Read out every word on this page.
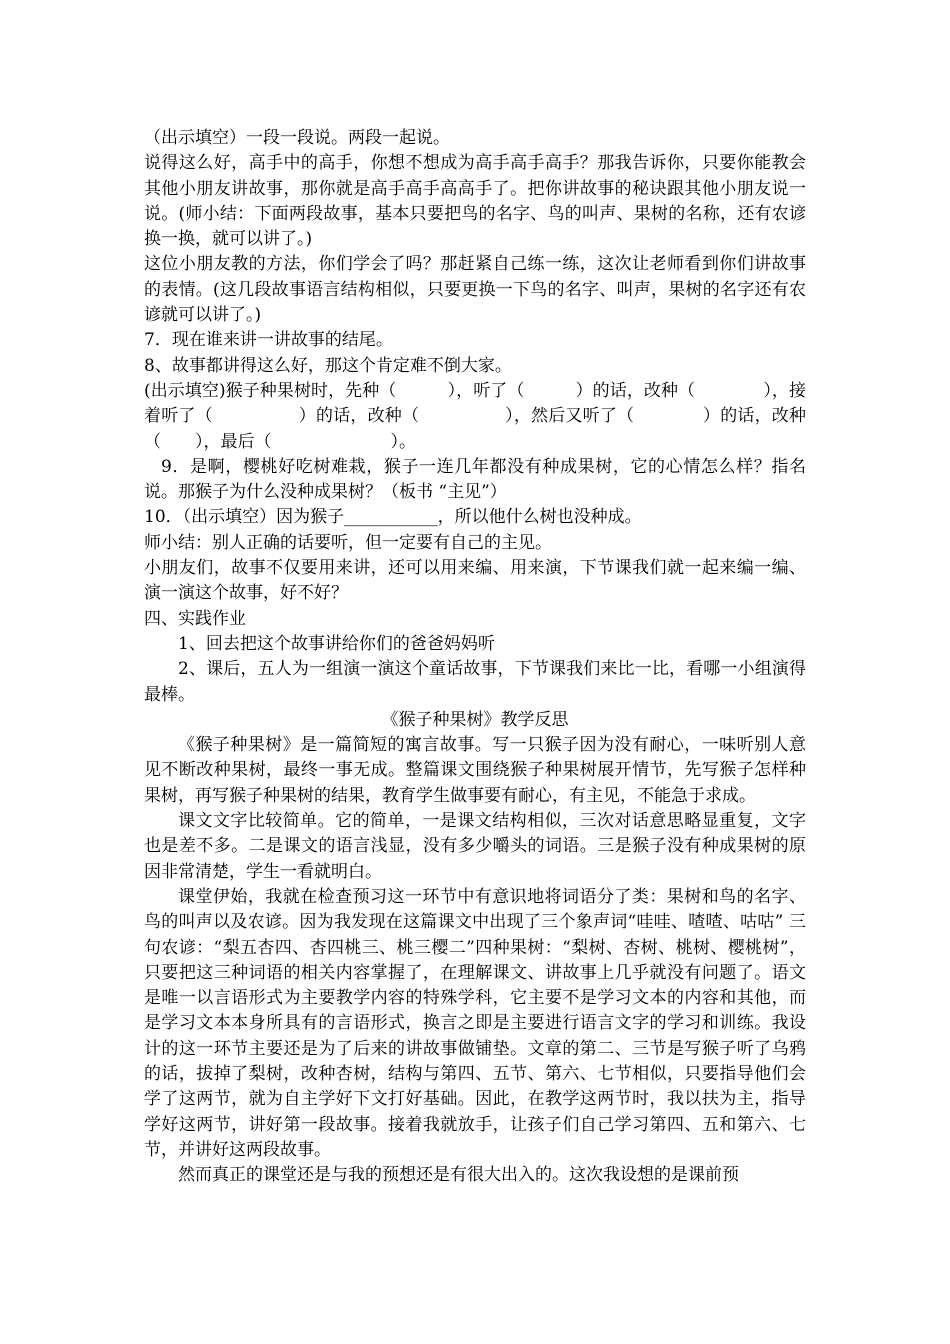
（出示填空）一段一段说。两段一起说。

说得这么好，高手中的高手，你想不想成为高手高手高手？那我告诉你，只要你能教会其他小朋友讲故事，那你就是高手高手高高手了。把你讲故事的秘诀跟其他小朋友说一说。(师小结：下面两段故事，基本只要把鸟的名字、鸟的叫声、果树的名称，还有农谚换一换，就可以讲了。)

这位小朋友教的方法，你们学会了吗？那赶紧自己练一练，这次让老师看到你们讲故事的表情。(这几段故事语言结构相似，只要更换一下鸟的名字、叫声，果树的名字还有农谚就可以讲了。)

7．现在谁来讲一讲故事的结尾。

8、故事都讲得这么好，那这个肯定难不倒大家。

(出示填空)猴子种果树时，先种（　　　），听了（　　　）的话，改种（　　　　），接着听了（　　　　　）的话，改种（　　　　　），然后又听了（　　　　）的话，改种（　　），最后（　　　　　　　）。

9．是啊，樱桃好吃树难栽，猴子一连几年都没有种成果树，它的心情怎么样？指名说。那猴子为什么没种成果树？（板书 “主见”）

10．（出示填空）因为猴子___________，所以他什么树也没种成。

师小结：别人正确的话要听，但一定要有自己的主见。

小朋友们，故事不仅要用来讲，还可以用来编、用来演，下节课我们就一起来编一编、演一演这个故事，好不好？

四、实践作业

1、回去把这个故事讲给你们的爸爸妈妈听

2、课后，五人为一组演一演这个童话故事，下节课我们来比一比，看哪一小组演得最棒。

《猴子种果树》教学反思

《猴子种果树》是一篇简短的寓言故事。写一只猴子因为没有耐心，一味听别人意见不断改种果树，最终一事无成。整篇课文围绕猴子种果树展开情节，先写猴子怎样种果树，再写猴子种果树的结果，教育学生做事要有耐心，有主见，不能急于求成。

课文文字比较简单。它的简单，一是课文结构相似，三次对话意思略显重复，文字也是差不多。二是课文的语言浅显，没有多少嚼头的词语。三是猴子没有种成果树的原因非常清楚，学生一看就明白。

课堂伊始，我就在检查预习这一环节中有意识地将词语分了类：果树和鸟的名字、鸟的叫声以及农谚。因为我发现在这篇课文中出现了三个象声词“哇哇、喳喳、咕咕” 三句农谚：“梨五杏四、杏四桃三、桃三樱二”四种果树：“梨树、杏树、桃树、樱桃树”，只要把这三种词语的相关内容掌握了，在理解课文、讲故事上几乎就没有问题了。语文是唯一以言语形式为主要教学内容的特殊学科，它主要不是学习文本的内容和其他，而是学习文本本身所具有的言语形式，换言之即是主要进行语言文字的学习和训练。我设计的这一环节主要还是为了后来的讲故事做铺垫。文章的第二、三节是写猴子听了乌鸦的话，拔掉了梨树，改种杏树，结构与第四、五节、第六、七节相似，只要指导他们会学了这两节，就为自主学好下文打好基础。因此，在教学这两节时，我以扶为主，指导学好这两节，讲好第一段故事。接着我就放手，让孩子们自己学习第四、五和第六、七节，并讲好这两段故事。

然而真正的课堂还是与我的预想还是有很大出入的。这次我设想的是课前预
